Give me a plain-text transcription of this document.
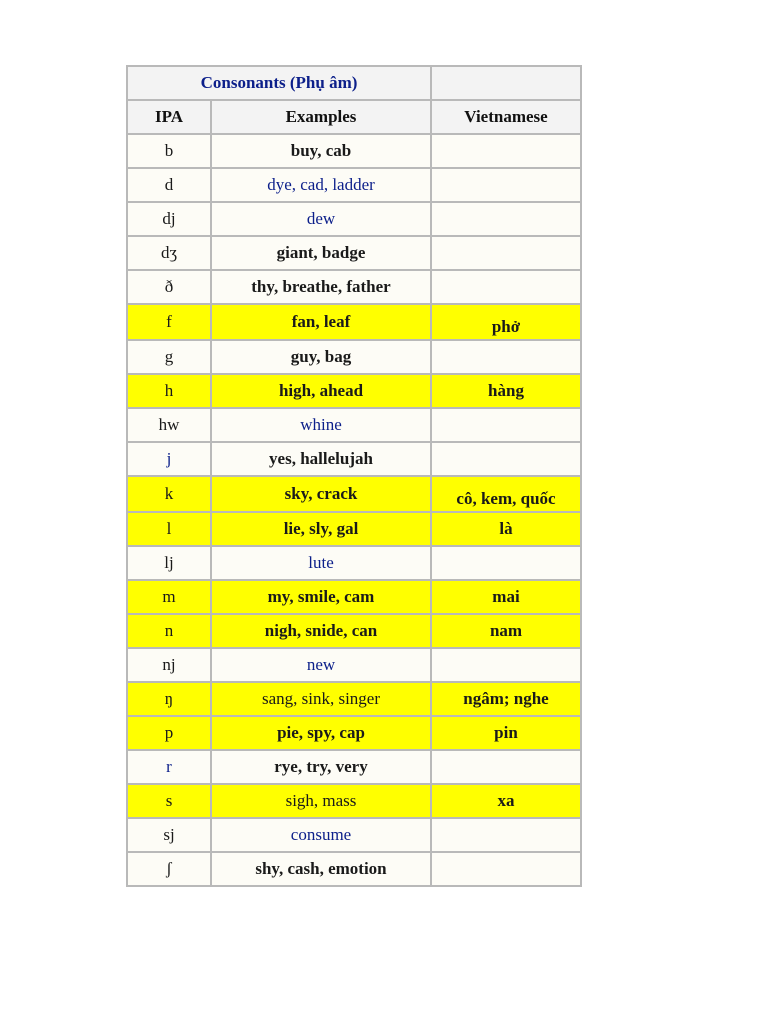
Consonants (Phụ âm)		
IPA	Examples	Vietnamese
b	buy, cab	
d	dye, cad, ladder	
dj	dew	
dʒ	giant, badge	
ð	thy, breathe, father	
f	fan, leaf	phở
g	guy, bag	
h	high, ahead	hàng
hw	whine	
j	yes, hallelujah	
k	sky, crack	cô, kem, quốc
l	lie, sly, gal	là
lj	lute	
m	my, smile, cam	mai
n	nigh, snide, can	nam
nj	new	
ŋ	sang, sink, singer	ngâm; nghe
p	pie, spy, cap	pin
r	rye, try, very	
s	sigh, mass	xa
sj	consume	
ʃ	shy, cash, emotion	
